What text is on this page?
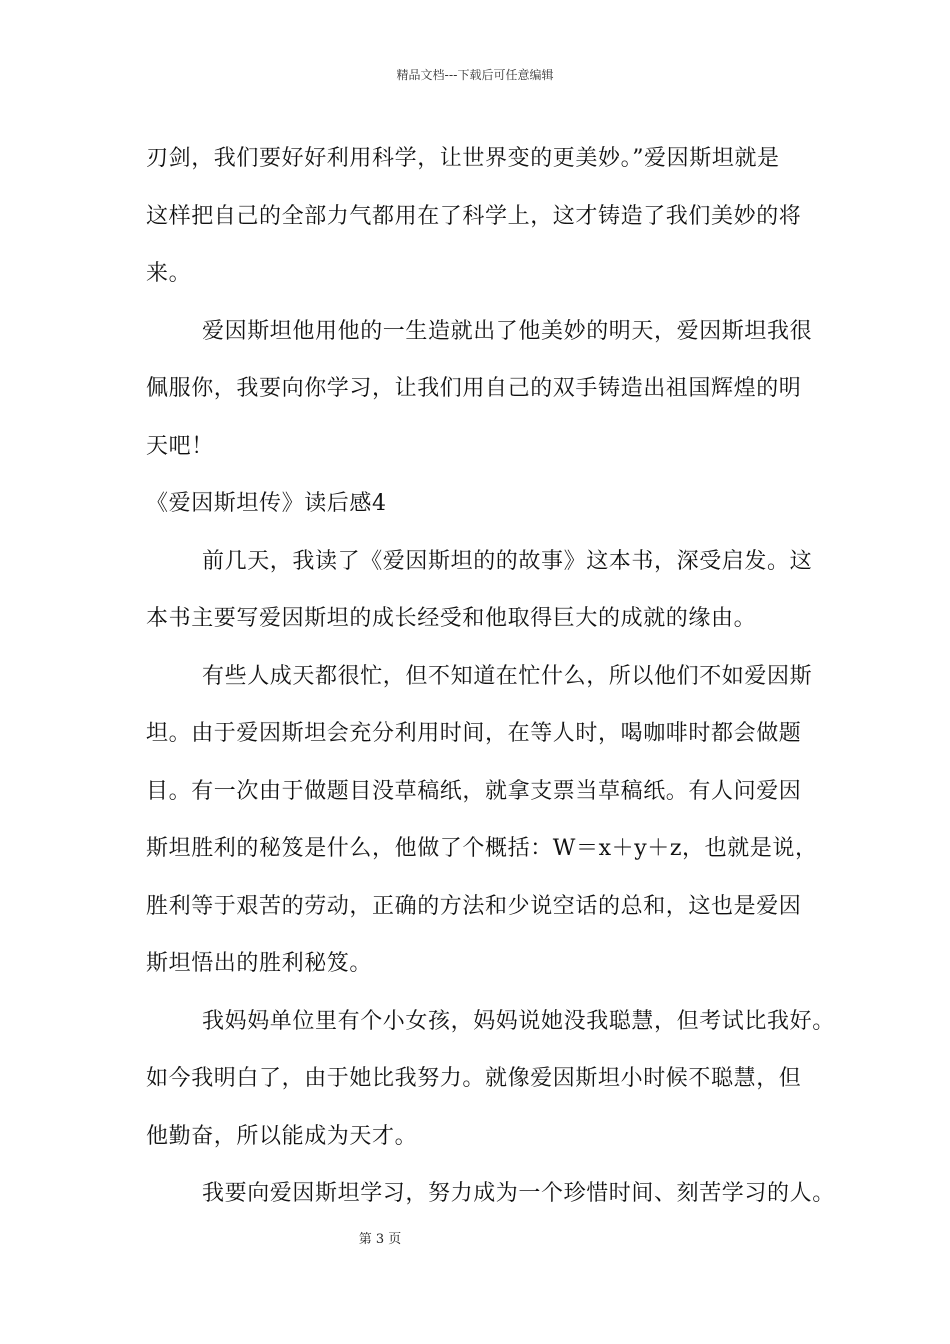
精品文档---下载后可任意编辑

刃剑，我们要好好利用科学，让世界变的更美妙。”爱因斯坦就是

这样把自己的全部力气都用在了科学上，这才铸造了我们美妙的将

来。

爱因斯坦他用他的一生造就出了他美妙的明天，爱因斯坦我很

佩服你，我要向你学习，让我们用自己的双手铸造出祖国辉煌的明

天吧！

《爱因斯坦传》读后感4

前几天，我读了《爱因斯坦的的故事》这本书，深受启发。这

本书主要写爱因斯坦的成长经受和他取得巨大的成就的缘由。

有些人成天都很忙，但不知道在忙什么，所以他们不如爱因斯

坦。由于爱因斯坦会充分利用时间，在等人时，喝咖啡时都会做题

目。有一次由于做题目没草稿纸，就拿支票当草稿纸。有人问爱因

斯坦胜利的秘笈是什么，他做了个概括：W＝x＋y＋z，也就是说，

胜利等于艰苦的劳动，正确的方法和少说空话的总和，这也是爱因

斯坦悟出的胜利秘笈。

我妈妈单位里有个小女孩，妈妈说她没我聪慧，但考试比我好。

如今我明白了，由于她比我努力。就像爱因斯坦小时候不聪慧，但

他勤奋，所以能成为天才。

我要向爱因斯坦学习，努力成为一个珍惜时间、刻苦学习的人。

第 3 页
